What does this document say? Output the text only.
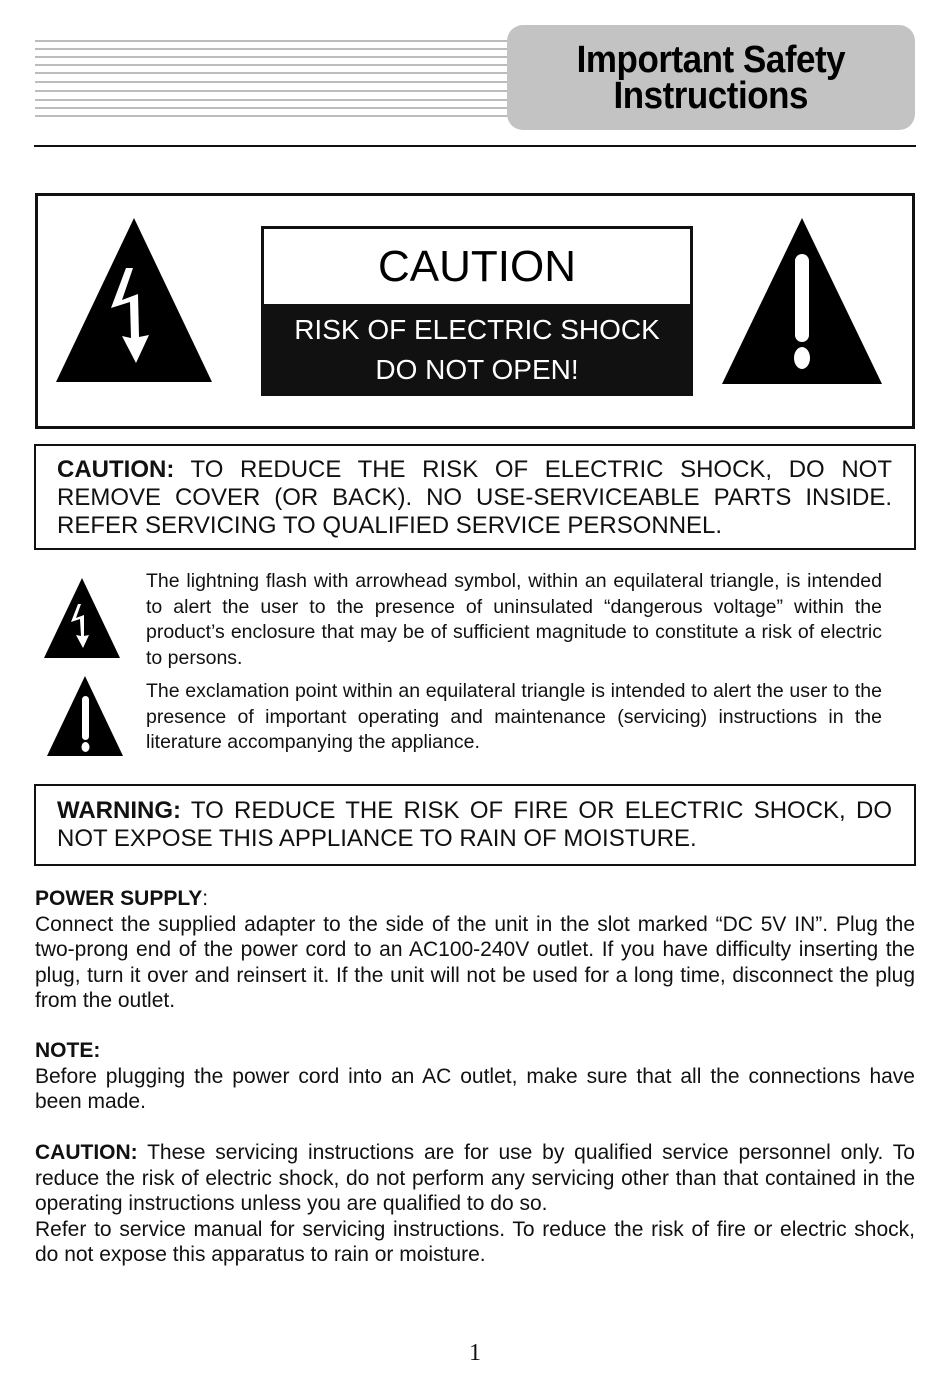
Important Safety
Instructions
CAUTION
RISK OF ELECTRIC SHOCK
DO NOT OPEN!
CAUTION: TO REDUCE THE RISK OF ELECTRIC SHOCK, DO NOT REMOVE COVER (OR BACK). NO USE-SERVICEABLE PARTS INSIDE. REFER SERVICING TO QUALIFIED SERVICE PERSONNEL.
The lightning flash with arrowhead symbol, within an equilateral triangle, is intended to alert the user to the presence of uninsulated “dangerous voltage” within the product’s enclosure that may be of sufficient magnitude to constitute a risk of electric to persons.
The exclamation point within an equilateral triangle is intended to alert the user to the presence of important operating and maintenance (servicing) instructions in the literature accompanying the appliance.
WARNING: TO REDUCE THE RISK OF FIRE OR ELECTRIC SHOCK, DO NOT EXPOSE THIS APPLIANCE TO RAIN OF MOISTURE.
POWER SUPPLY:
Connect the supplied adapter to the side of the unit in the slot marked “DC 5V IN”. Plug the two-prong end of the power cord to an AC100-240V outlet. If you have difficulty inserting the plug, turn it over and reinsert it. If the unit will not be used for a long time, disconnect the plug from the outlet.
NOTE:
Before plugging the power cord into an AC outlet, make sure that all the connections have been made.
CAUTION: These servicing instructions are for use by qualified service personnel only. To reduce the risk of electric shock, do not perform any servicing other than that contained in the operating instructions unless you are qualified to do so.
Refer to service manual for servicing instructions. To reduce the risk of fire or electric shock, do not expose this apparatus to rain or moisture.
1
